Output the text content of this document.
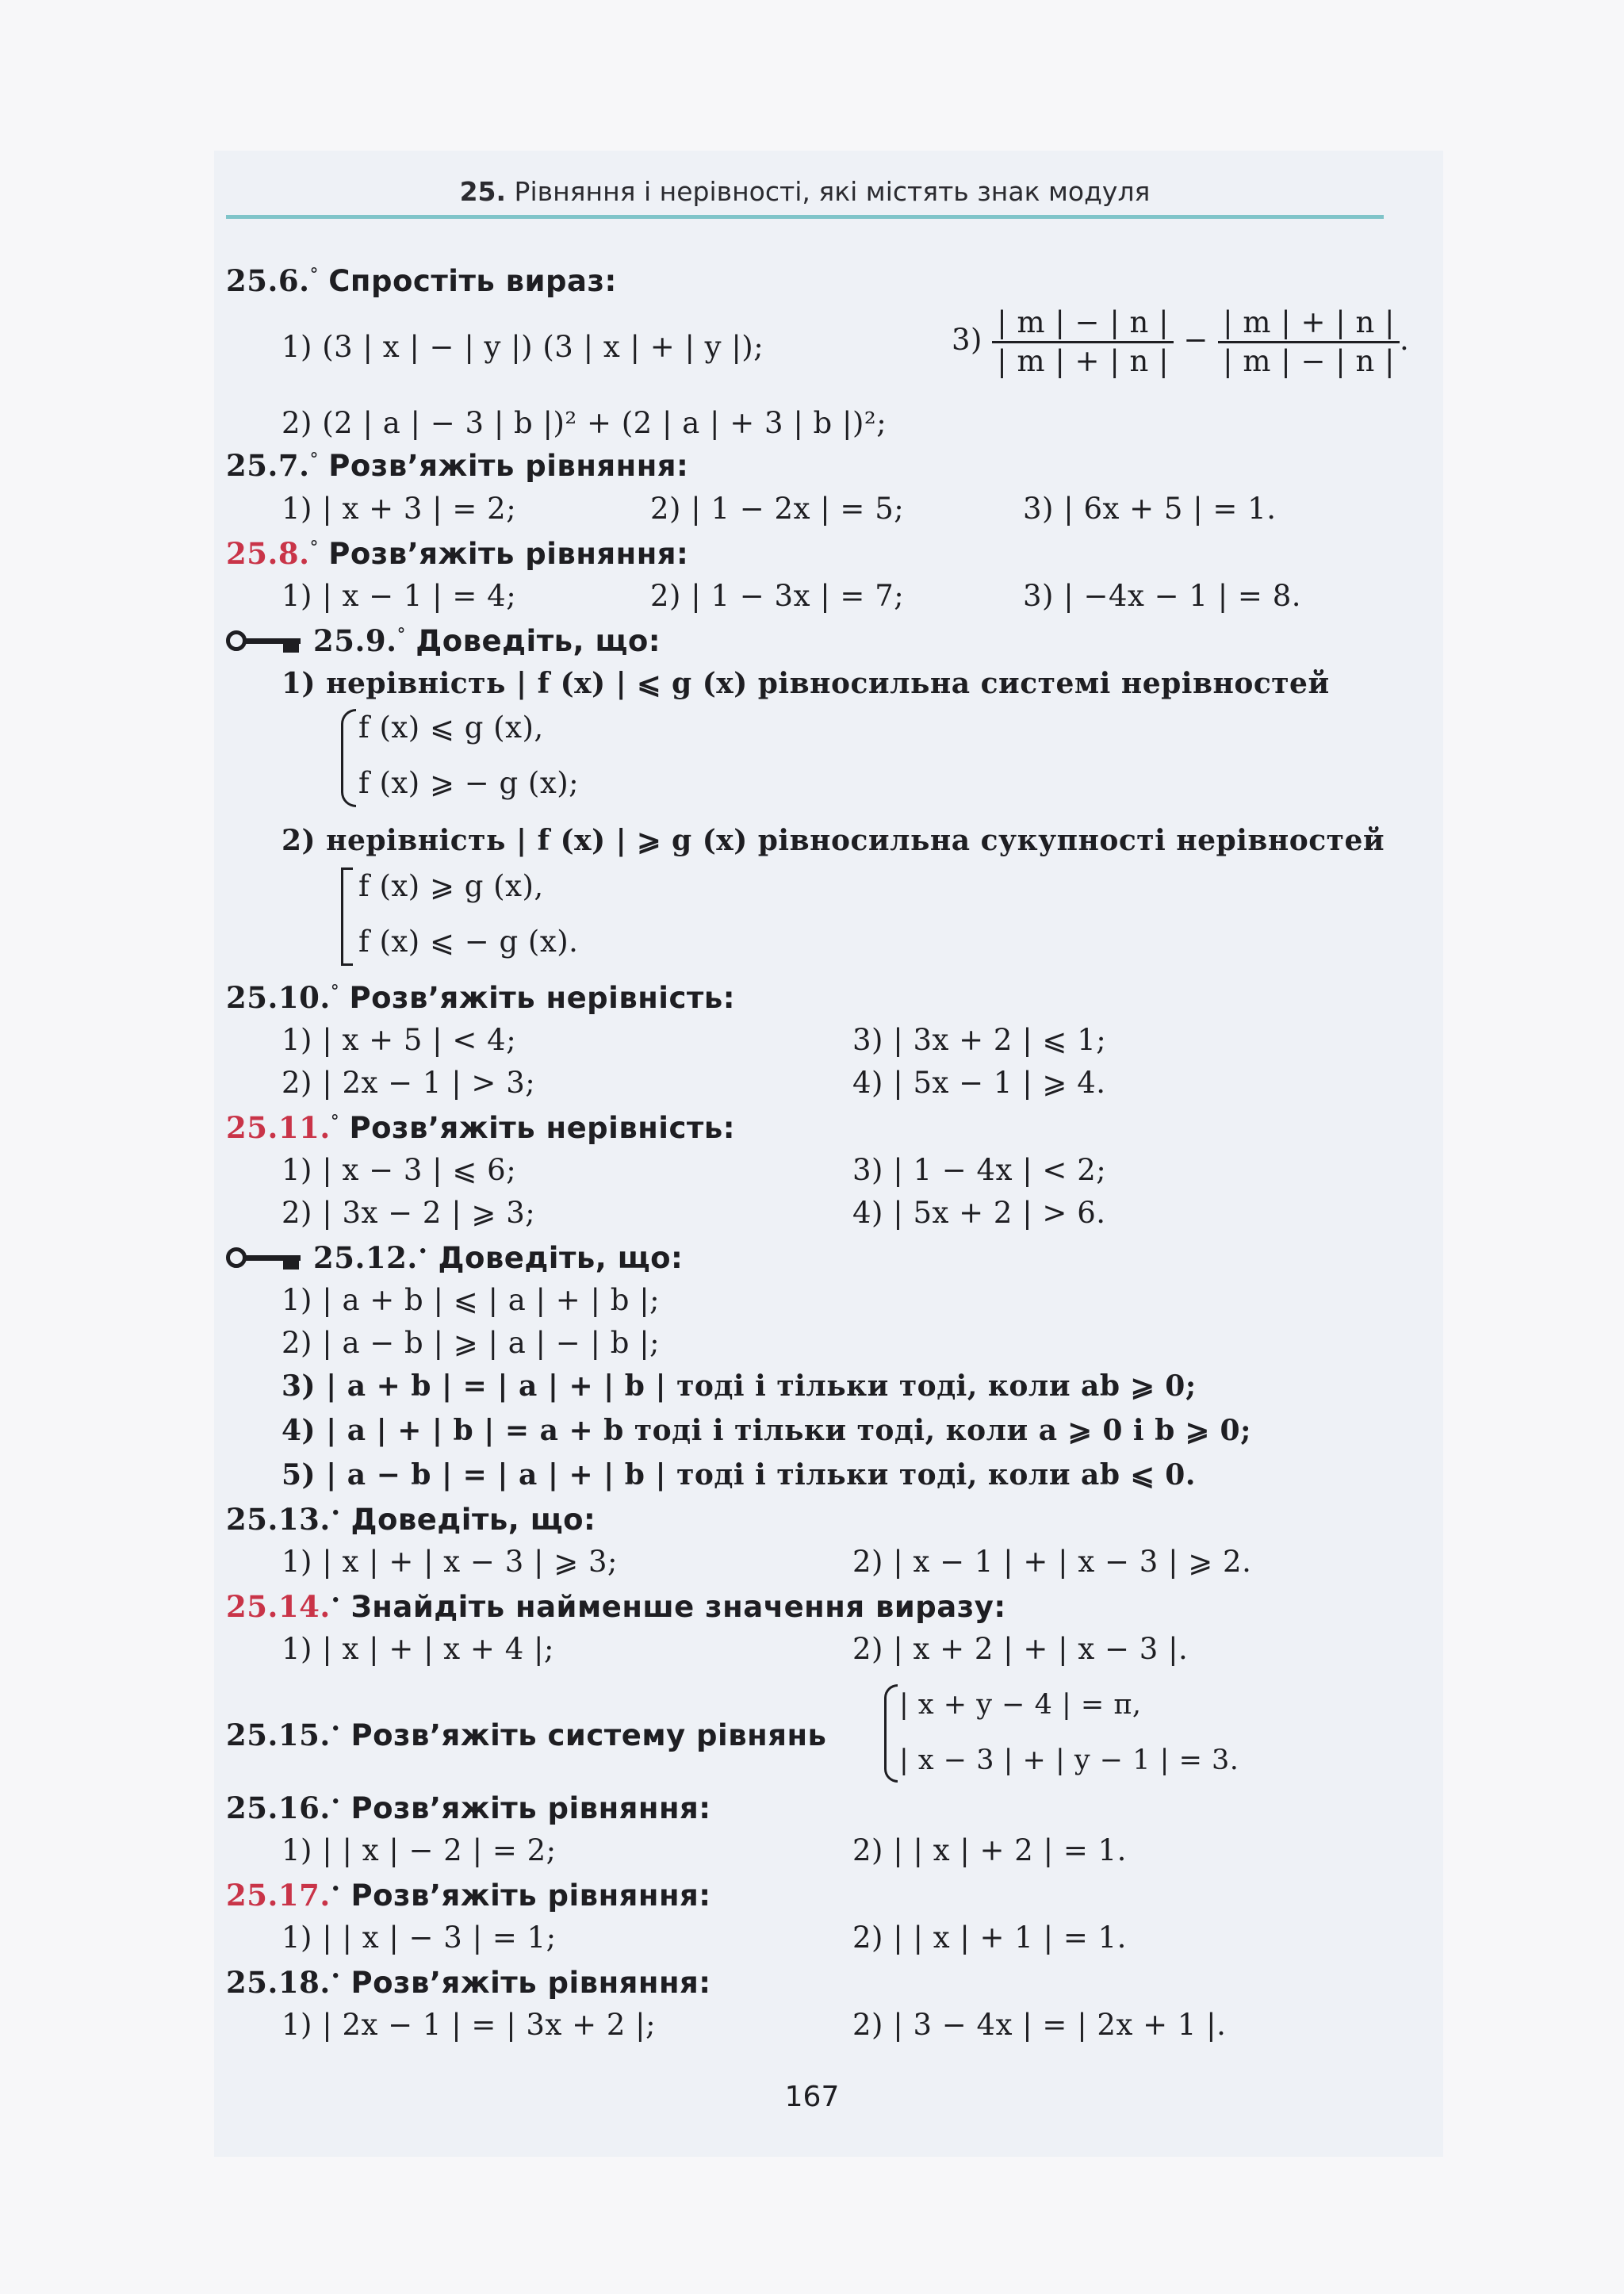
25. Рівняння і нерівності, які містять знак модуля
25.6.° Спростіть вираз:
1) (3 | x | − | y |) (3 | x | + | y |);	$3) \frac{| m | - | n |}{| m | + | n |} - \frac{| m | + | n |}{| m | - | n |}$ .
2) (2 | a | − 3 | b |)² + (2 | a | + 3 | b |)²;
25.7.° Розв’яжіть рівняння:
1) | x + 3 | = 2;	2) | 1 − 2x | = 5;	3) | 6x + 5 | = 1.
25.8.° Розв’яжіть рівняння:
1) | x − 1 | = 4;	2) | 1 − 3x | = 7;	3) | −4x − 1 | = 8.
25.9.° Доведіть, що:
1) нерівність | f (x) | ⩽ g (x) рівносильна системі нерівностей
f (x) ⩽ g (x),
f (x) ⩾ − g (x);
2) нерівність | f (x) | ⩾ g (x) рівносильна сукупності нерівностей
f (x) ⩾ g (x),
f (x) ⩽ − g (x).
25.10.° Розв’яжіть нерівність:
1) | x + 5 | < 4;	3) | 3x + 2 | ⩽ 1;
2) | 2x − 1 | > 3;	4) | 5x − 1 | ⩾ 4.
25.11.° Розв’яжіть нерівність:
1) | x − 3 | ⩽ 6;	3) | 1 − 4x | < 2;
2) | 3x − 2 | ⩾ 3;	4) | 5x + 2 | > 6.
25.12.• Доведіть, що:
1) | a + b | ⩽ | a | + | b |;
2) | a − b | ⩾ | a | − | b |;
3) | a + b | = | a | + | b | тоді і тільки тоді, коли ab ⩾ 0;
4) | a | + | b | = a + b тоді і тільки тоді, коли a ⩾ 0 і b ⩾ 0;
5) | a − b | = | a | + | b | тоді і тільки тоді, коли ab ⩽ 0.
25.13.• Доведіть, що:
1) | x | + | x − 3 | ⩾ 3;	2) | x − 1 | + | x − 3 | ⩾ 2.
25.14.• Знайдіть найменше значення виразу:
1) | x | + | x + 4 |;	2) | x + 2 | + | x − 3 |.
25.15.• Розв’яжіть систему рівнянь
| x + y − 4 | = π,
| x − 3 | + | y − 1 | = 3.
25.16.• Розв’яжіть рівняння:
1) | | x | − 2 | = 2;	2) | | x | + 2 | = 1.
25.17.• Розв’яжіть рівняння:
1) | | x | − 3 | = 1;	2) | | x | + 1 | = 1.
25.18.• Розв’яжіть рівняння:
1) | 2x − 1 | = | 3x + 2 |;	2) | 3 − 4x | = | 2x + 1 |.
167
